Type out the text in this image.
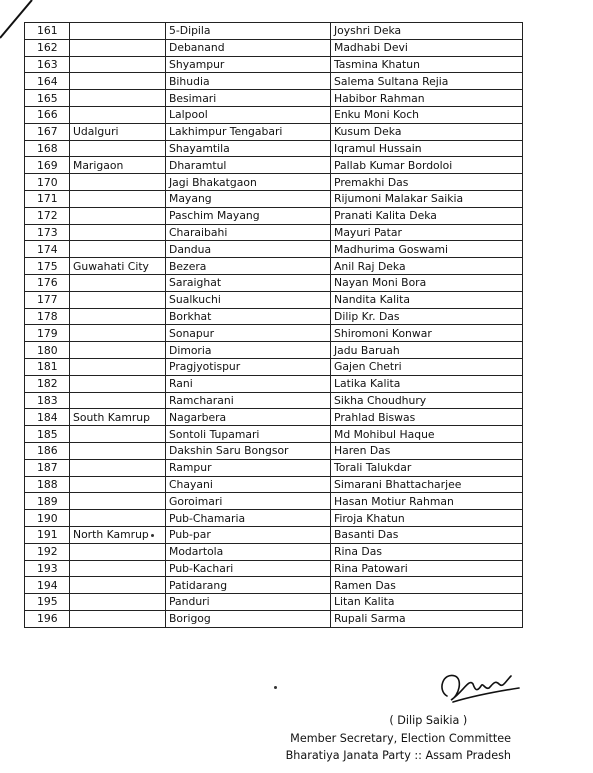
161		5-Dipila	Joyshri Deka
162		Debanand	Madhabi Devi
163		Shyampur	Tasmina Khatun
164		Bihudia	Salema Sultana Rejia
165		Besimari	Habibor Rahman
166		Lalpool	Enku Moni Koch
167	Udalguri	Lakhimpur Tengabari	Kusum Deka
168		Shayamtila	Iqramul Hussain
169	Marigaon	Dharamtul	Pallab Kumar Bordoloi
170		Jagi Bhakatgaon	Premakhi Das
171		Mayang	Rijumoni Malakar Saikia
172		Paschim Mayang	Pranati Kalita Deka
173		Charaibahi	Mayuri Patar
174		Dandua	Madhurima Goswami
175	Guwahati City	Bezera	Anil Raj Deka
176		Saraighat	Nayan Moni Bora
177		Sualkuchi	Nandita Kalita
178		Borkhat	Dilip Kr. Das
179		Sonapur	Shiromoni Konwar
180		Dimoria	Jadu Baruah
181		Pragjyotispur	Gajen Chetri
182		Rani	Latika Kalita
183		Ramcharani	Sikha Choudhury
184	South Kamrup	Nagarbera	Prahlad Biswas
185		Sontoli Tupamari	Md Mohibul Haque
186		Dakshin Saru Bongsor	Haren Das
187		Rampur	Torali Talukdar
188		Chayani	Simarani Bhattacharjee
189		Goroimari	Hasan Motiur Rahman
190		Pub-Chamaria	Firoja Khatun
191	North Kamrup	Pub-par	Basanti Das
192		Modartola	Rina Das
193		Pub-Kachari	Rina Patowari
194		Patidarang	Ramen Das
195		Panduri	Litan Kalita
196		Borigog	Rupali Sarma
( Dilip Saikia )
Member Secretary, Election Committee
Bharatiya Janata Party :: Assam Pradesh
